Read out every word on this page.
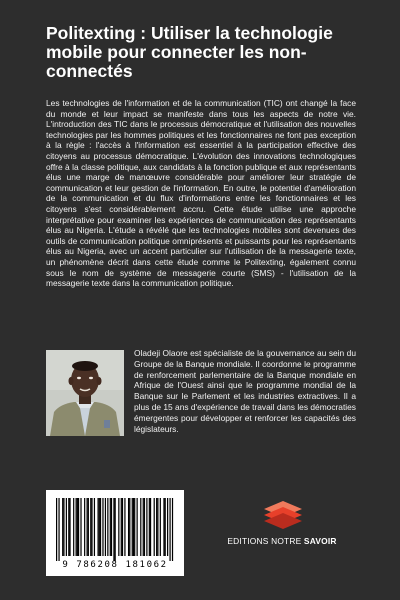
Politexting : Utiliser la technologie mobile pour connecter les non-connectés

Les technologies de l'information et de la communication (TIC) ont changé la face du monde et leur impact se manifeste dans tous les aspects de notre vie. L'introduction des TIC dans le processus démocratique et l'utilisation des nouvelles technologies par les hommes politiques et les fonctionnaires ne font pas exception à la règle : l'accès à l'information est essentiel à la participation effective des citoyens au processus démocratique. L'évolution des innovations technologiques offre à la classe politique, aux candidats à la fonction publique et aux représentants élus une marge de manœuvre considérable pour améliorer leur stratégie de communication et leur gestion de l'information. En outre, le potentiel d'amélioration de la communication et du flux d'informations entre les fonctionnaires et les citoyens s'est considérablement accru. Cette étude utilise une approche interprétative pour examiner les expériences de communication des représentants élus au Nigeria. L'étude a révélé que les technologies mobiles sont devenues des outils de communication politique omniprésents et puissants pour les représentants élus au Nigeria, avec un accent particulier sur l'utilisation de la messagerie texte, un phénomène décrit dans cette étude comme le Politexting, également connu sous le nom de système de messagerie courte (SMS) - l'utilisation de la messagerie texte dans la communication politique.

Oladeji Olaore est spécialiste de la gouvernance au sein du Groupe de la Banque mondiale. Il coordonne le programme de renforcement parlementaire de la Banque mondiale en Afrique de l'Ouest ainsi que le programme mondial de la Banque sur le Parlement et les industries extractives. Il a plus de 15 ans d'expérience de travail dans les démocraties émergentes pour développer et renforcer les capacités des législateurs.

9 786208 181062
EDITIONS NOTRE SAVOIR
